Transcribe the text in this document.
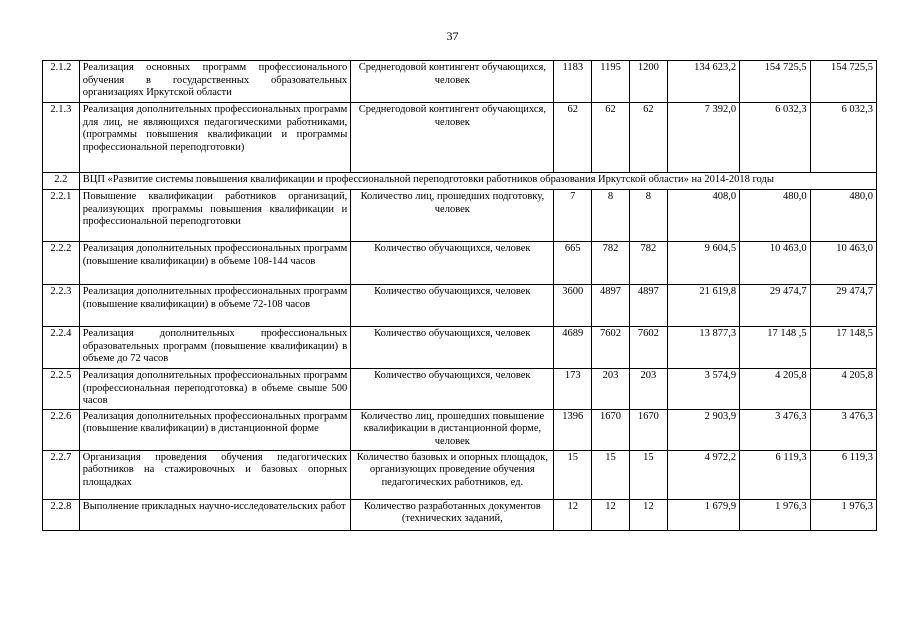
37
2.1.2	Реализация основных программ профессионального обучения в государственных образовательных организациях Иркутской области	Среднегодовой контингент обучающихся, человек	1183	1195	1200	134 623,2	154 725,5	154 725,5
2.1.3	Реализация дополнительных профессиональных программ для лиц, не являющихся педагогическими работниками, (программы повышения квалификации и программы профессиональной переподготовки)	Среднегодовой контингент обучающихся, человек	62	62	62	7 392,0	6 032,3	6 032,3
2.2	ВЦП «Развитие системы повышения квалификации и профессиональной переподготовки работников образования Иркутской области» на 2014-2018 годы							
2.2.1	Повышение квалификации работников организаций, реализующих программы повышения квалификации и профессиональной переподготовки	Количество лиц, прошедших подготовку, человек	7	8	8	408,0	480,0	480,0
2.2.2	Реализация дополнительных профессиональных программ (повышение квалификации) в объеме 108-144 часов	Количество обучающихся, человек	665	782	782	9 604,5	10 463,0	10 463,0
2.2.3	Реализация дополнительных профессиональных программ (повышение квалификации) в объеме 72-108 часов	Количество обучающихся, человек	3600	4897	4897	21 619,8	29 474,7	29 474,7
2.2.4	Реализация дополнительных профессиональных образовательных программ (повышение квалификации) в объеме до 72 часов	Количество обучающихся, человек	4689	7602	7602	13 877,3	17 148 ,5	17 148,5
2.2.5	Реализация дополнительных профессиональных программ (профессиональная переподготовка) в объеме свыше 500 часов	Количество обучающихся, человек	173	203	203	3 574,9	4 205,8	4 205,8
2.2.6	Реализация дополнительных профессиональных программ (повышение квалификации) в дистанционной форме	Количество лиц, прошедших повышение квалификации в дистанционной форме, человек	1396	1670	1670	2 903,9	3 476,3	3 476,3
2.2.7	Организация проведения обучения педагогических работников на стажировочных и базовых опорных площадках	Количество базовых и опорных площадок, организующих проведение обучения педагогических работников, ед.	15	15	15	4 972,2	6 119,3	6 119,3
2.2.8	Выполнение прикладных научно-исследовательских работ	Количество разработанных документов (технических заданий,	12	12	12	1 679,9	1 976,3	1 976,3
